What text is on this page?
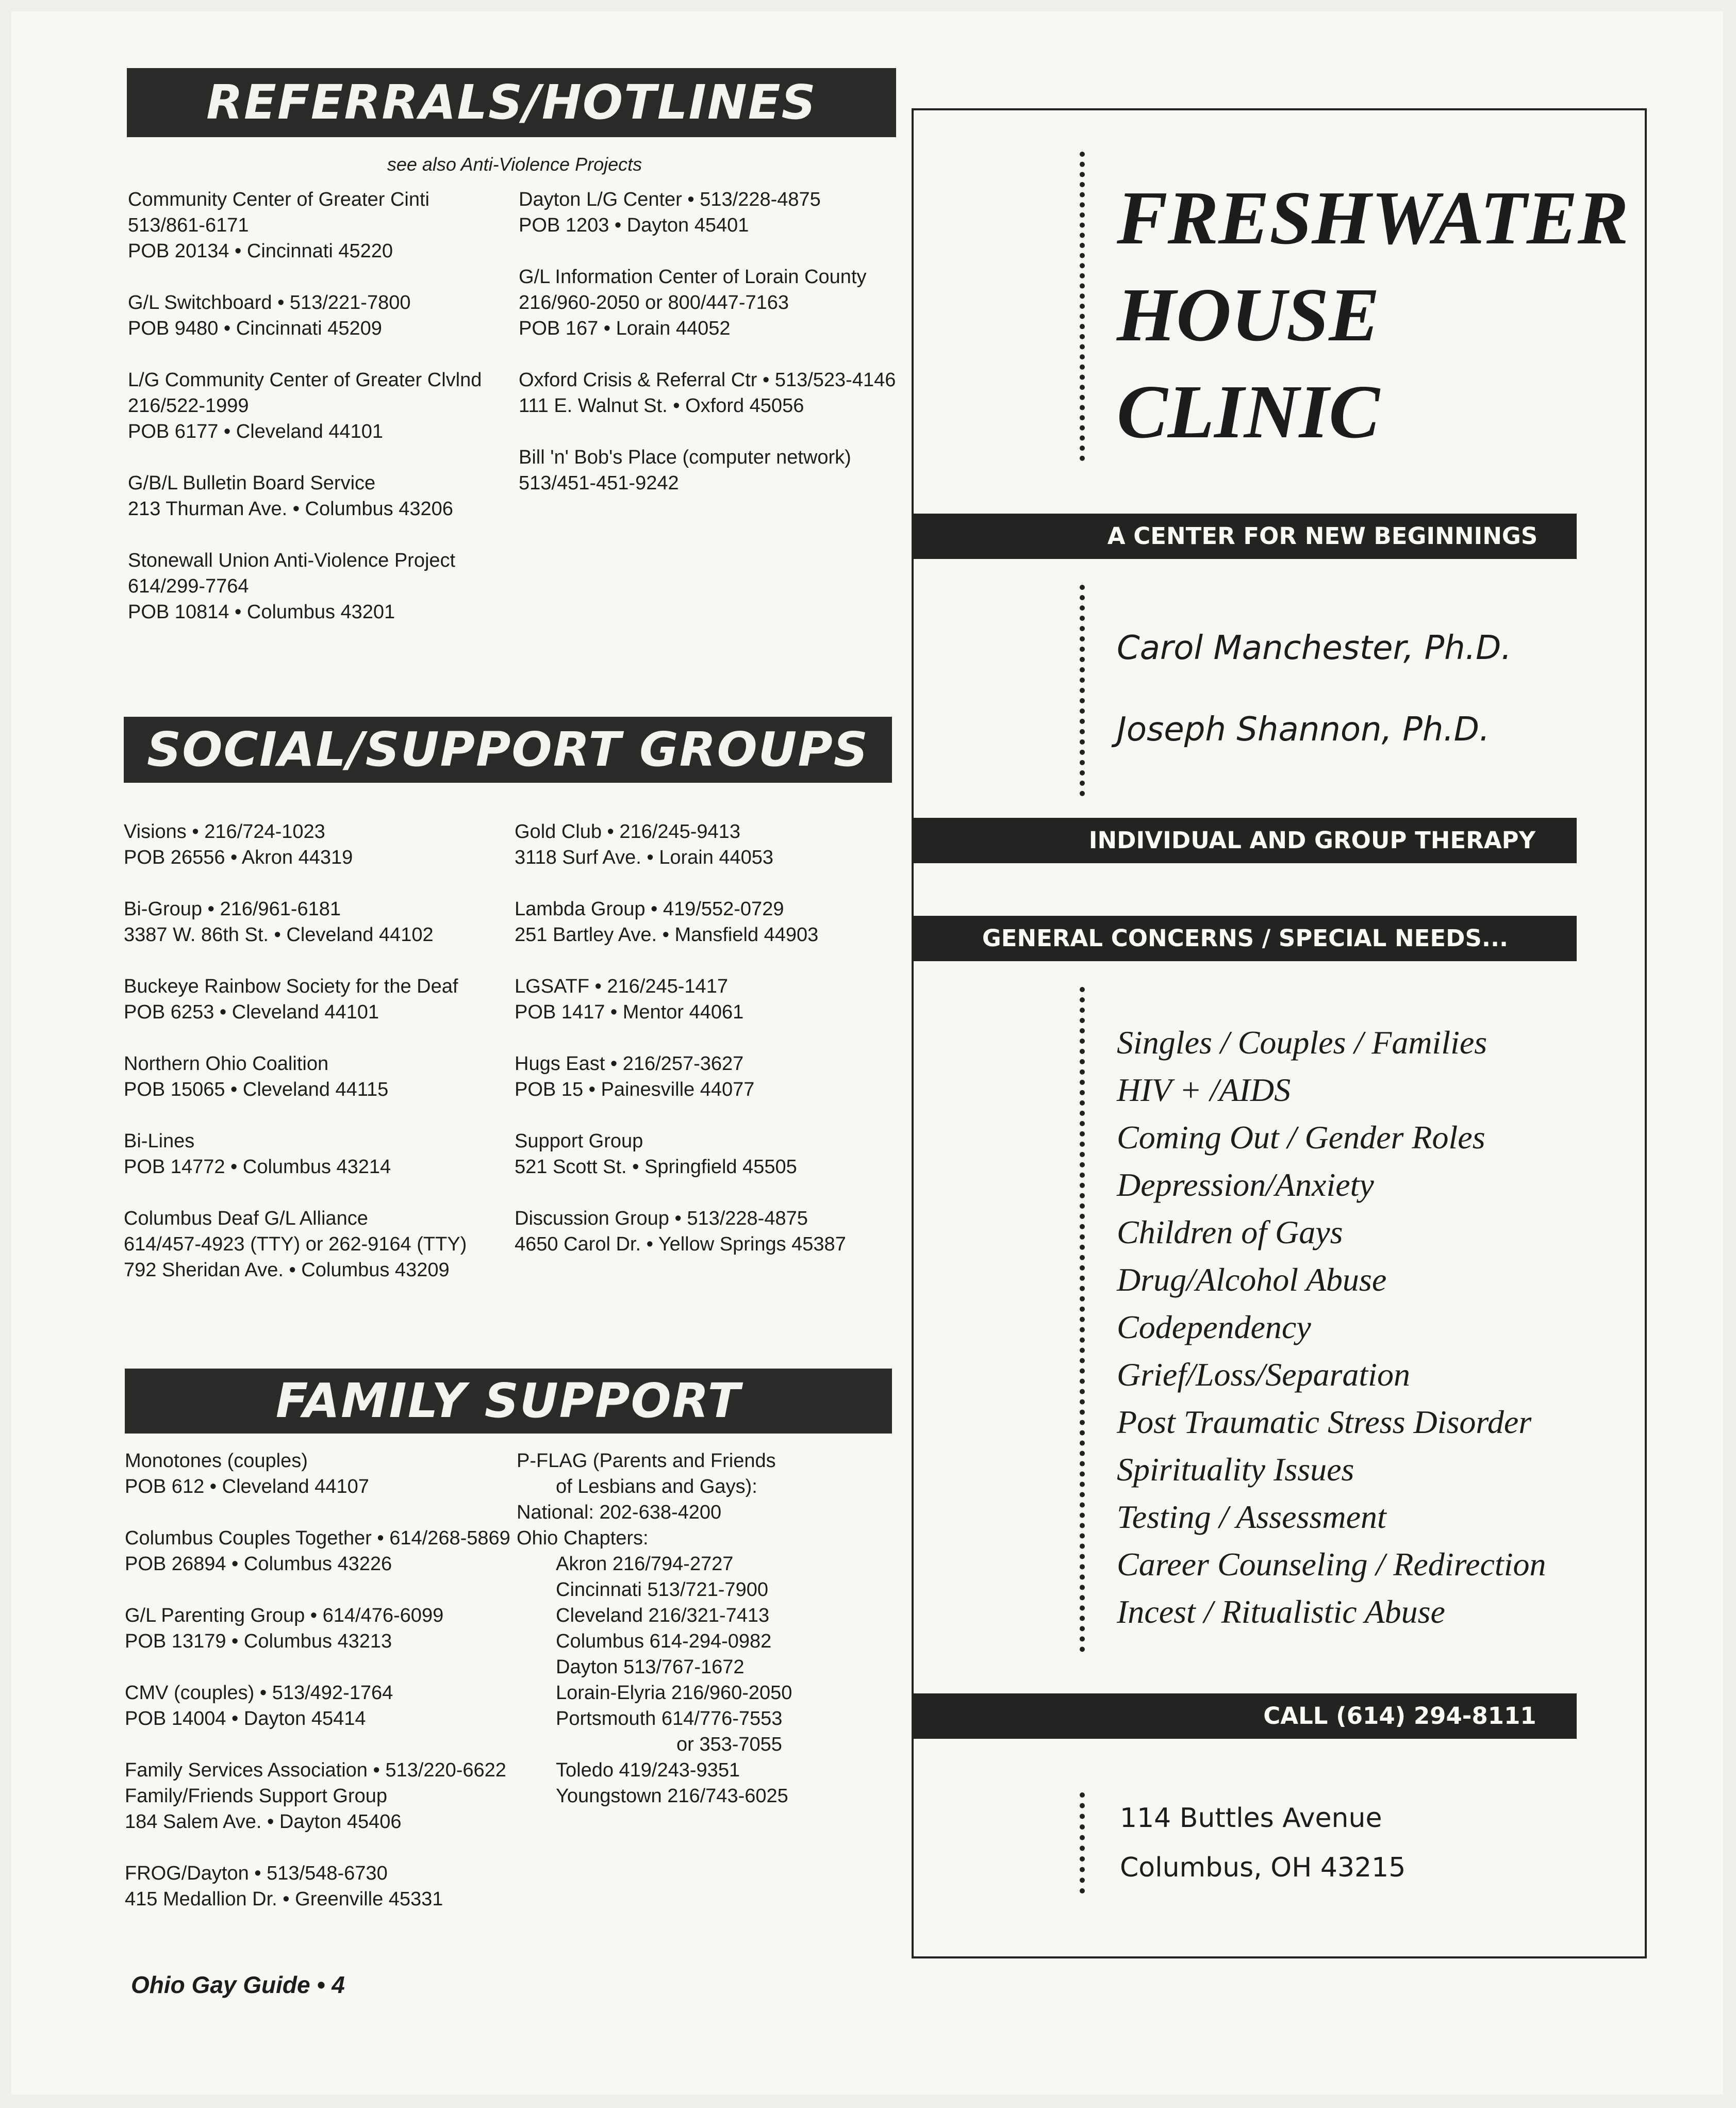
REFERRALS/HOTLINES
see also Anti-Violence Projects
Community Center of Greater Cinti
513/861-6171
POB 20134 • Cincinnati 45220
G/L Switchboard • 513/221-7800
POB 9480 • Cincinnati 45209
L/G Community Center of Greater Clvlnd
216/522-1999
POB 6177 • Cleveland 44101
G/B/L Bulletin Board Service
213 Thurman Ave. • Columbus 43206
Stonewall Union Anti-Violence Project
614/299-7764
POB 10814 • Columbus 43201
Dayton L/G Center • 513/228-4875
POB 1203 • Dayton 45401
G/L Information Center of Lorain County
216/960-2050 or 800/447-7163
POB 167 • Lorain 44052
Oxford Crisis & Referral Ctr • 513/523-4146
111 E. Walnut St. • Oxford 45056
Bill 'n' Bob's Place (computer network)
513/451-451-9242
SOCIAL/SUPPORT GROUPS
Visions • 216/724-1023
POB 26556 • Akron 44319
Bi-Group • 216/961-6181
3387 W. 86th St. • Cleveland 44102
Buckeye Rainbow Society for the Deaf
POB 6253 • Cleveland 44101
Northern Ohio Coalition
POB 15065 • Cleveland 44115
Bi-Lines
POB 14772 • Columbus 43214
Columbus Deaf G/L Alliance
614/457-4923 (TTY) or 262-9164 (TTY)
792 Sheridan Ave. • Columbus 43209
Gold Club • 216/245-9413
3118 Surf Ave. • Lorain 44053
Lambda Group • 419/552-0729
251 Bartley Ave. • Mansfield 44903
LGSATF • 216/245-1417
POB 1417 • Mentor 44061
Hugs East • 216/257-3627
POB 15 • Painesville 44077
Support Group
521 Scott St. • Springfield 45505
Discussion Group • 513/228-4875
4650 Carol Dr. • Yellow Springs 45387
FAMILY SUPPORT
Monotones (couples)
POB 612 • Cleveland 44107
Columbus Couples Together • 614/268-5869
POB 26894 • Columbus 43226
G/L Parenting Group • 614/476-6099
POB 13179 • Columbus 43213
CMV (couples) • 513/492-1764
POB 14004 • Dayton 45414
Family Services Association • 513/220-6622
Family/Friends Support Group
184 Salem Ave. • Dayton 45406
FROG/Dayton • 513/548-6730
415 Medallion Dr. • Greenville 45331
P-FLAG (Parents and Friends
of Lesbians and Gays):
National: 202-638-4200
Ohio Chapters:
Akron 216/794-2727
Cincinnati 513/721-7900
Cleveland 216/321-7413
Columbus 614-294-0982
Dayton 513/767-1672
Lorain-Elyria 216/960-2050
Portsmouth 614/776-7553
or 353-7055
Toledo 419/243-9351
Youngstown 216/743-6025
FRESHWATER
HOUSE
CLINIC
A CENTER FOR NEW BEGINNINGS
Carol Manchester, Ph.D.
Joseph Shannon, Ph.D.
INDIVIDUAL AND GROUP THERAPY
GENERAL CONCERNS / SPECIAL NEEDS...
Singles / Couples / Families
HIV + /AIDS
Coming Out / Gender Roles
Depression/Anxiety
Children of Gays
Drug/Alcohol Abuse
Codependency
Grief/Loss/Separation
Post Traumatic Stress Disorder
Spirituality Issues
Testing / Assessment
Career Counseling / Redirection
Incest / Ritualistic Abuse
CALL (614) 294-8111
114 Buttles Avenue
Columbus, OH 43215
Ohio Gay Guide • 4
